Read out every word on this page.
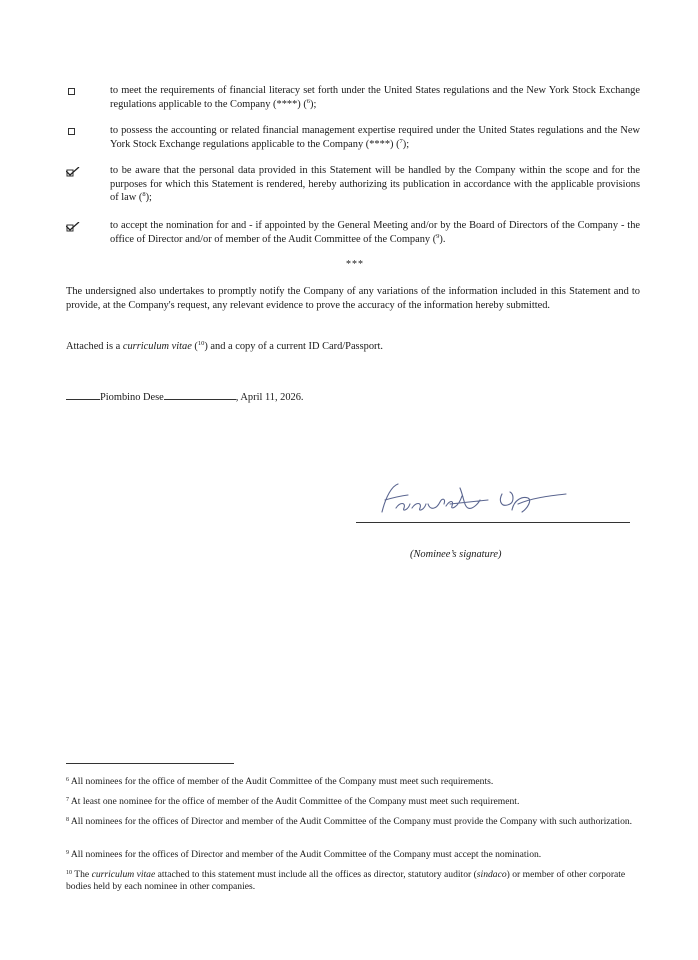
to meet the requirements of financial literacy set forth under the United States regulations and the New York Stock Exchange regulations applicable to the Company (****) ($^6$);
to possess the accounting or related financial management expertise required under the United States regulations and the New York Stock Exchange regulations applicable to the Company (****) ($^7$);
to be aware that the personal data provided in this Statement will be handled by the Company within the scope and for the purposes for which this Statement is rendered, hereby authorizing its publication in accordance with the applicable provisions of law ($^8$);
to accept the nomination for and - if appointed by the General Meeting and/or by the Board of Directors of the Company - the office of Director and/or of member of the Audit Committee of the Company ($^9$).
***
The undersigned also undertakes to promptly notify the Company of any variations of the information included in this Statement and to provide, at the Company's request, any relevant evidence to prove the accuracy of the information hereby submitted.
Attached is a curriculum vitae ($^{10}$) and a copy of a current ID Card/Passport.
Piombino Dese	, April 11, 2026.
(Nominee’s signature)
$^6$ All nominees for the office of member of the Audit Committee of the Company must meet such requirements.
$^7$ At least one nominee for the office of member of the Audit Committee of the Company must meet such requirement.
$^8$ All nominees for the offices of Director and member of the Audit Committee of the Company must provide the Company with such authorization.
$^9$ All nominees for the offices of Director and member of the Audit Committee of the Company must accept the nomination.
$^{10}$ The curriculum vitae attached to this statement must include all the offices as director, statutory auditor (sindaco) or member of other corporate bodies held by each nominee in other companies.
